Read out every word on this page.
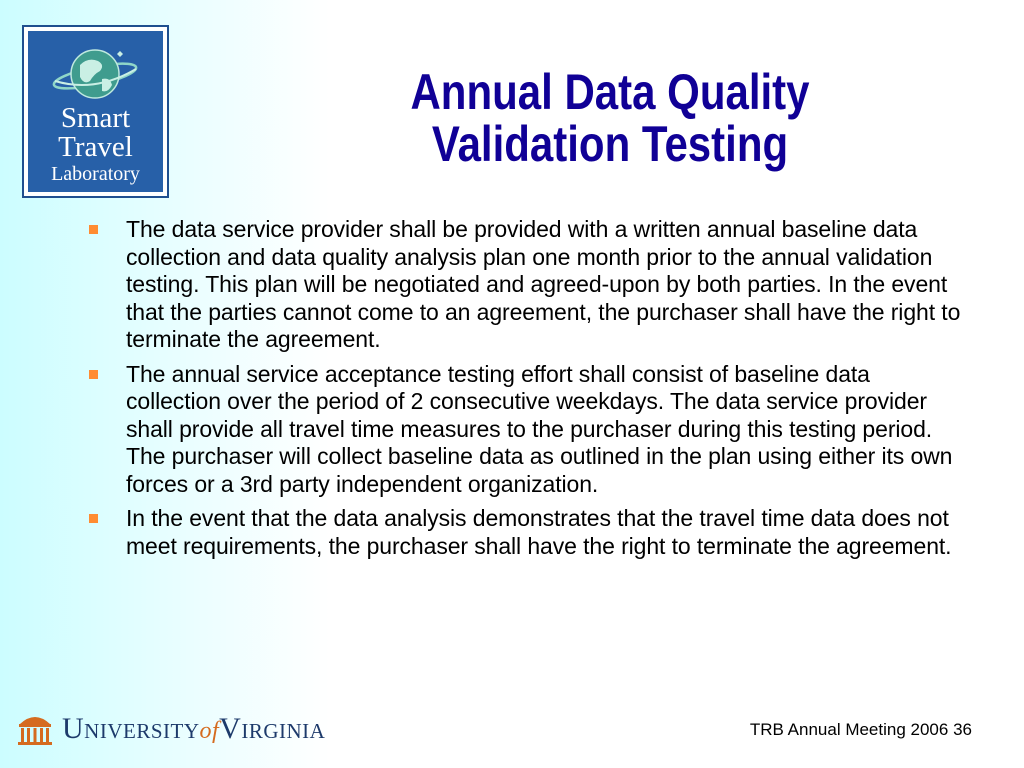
Smart
Travel
Laboratory
Annual Data Quality
Validation Testing
The data service provider shall be provided with a written annual baseline data collection and data quality analysis plan one month prior to the annual validation testing. This plan will be negotiated and agreed-upon by both parties. In the event that the parties cannot come to an agreement, the purchaser shall have the right to terminate the agreement.
The annual service acceptance testing effort shall consist of baseline data collection over the period of 2 consecutive weekdays. The data service provider shall provide all travel time measures to the purchaser during this testing period. The purchaser will collect baseline data as outlined in the plan using either its own forces or a 3rd party independent organization.
In the event that the data analysis demonstrates that the travel time data does not meet requirements, the purchaser shall have the right to terminate the agreement.
UniversityofVirginia	TRB Annual Meeting 2006 36
